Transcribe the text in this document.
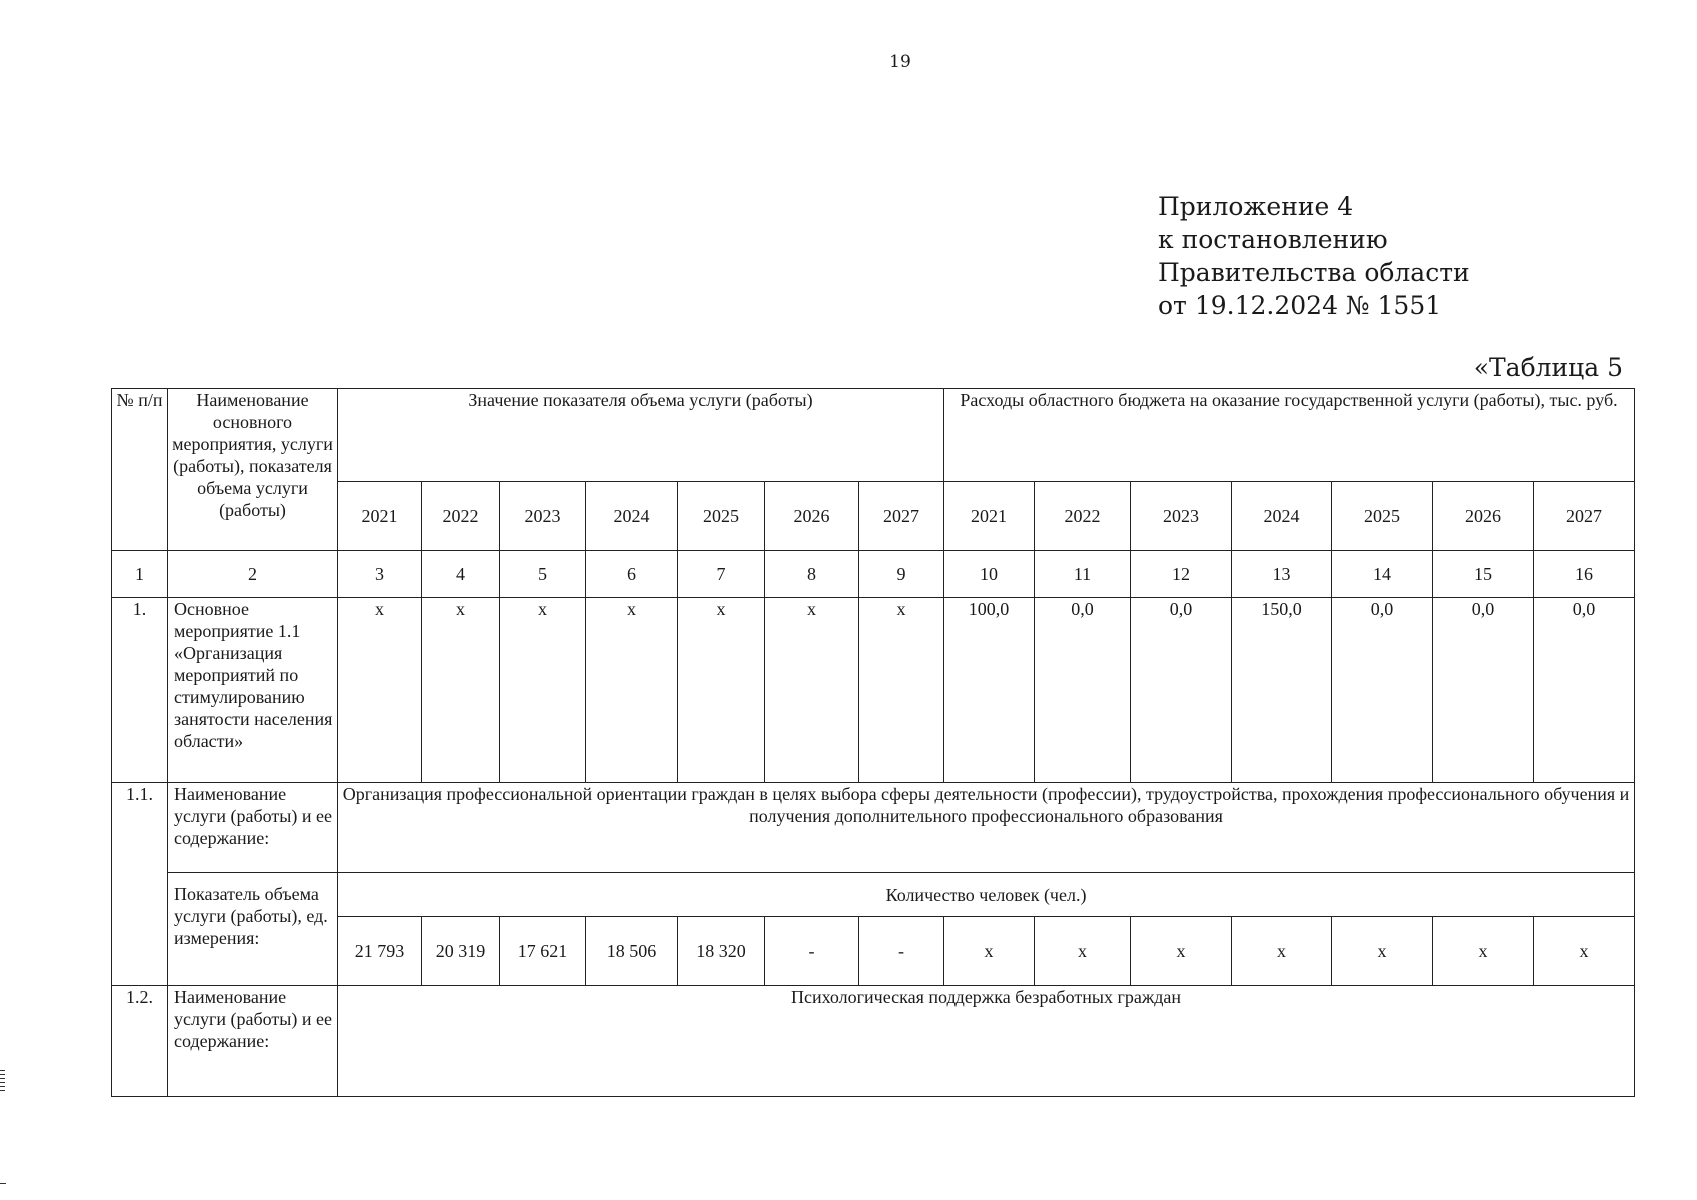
19
Приложение 4
к постановлению
Правительства области
от 19.12.2024 № 1551
«Таблица 5
№ п/п	Наименование основного мероприятия, услуги (работы), показателя объема услуги (работы)	Значение показателя объема услуги (работы)							Расходы областного бюджета на оказание государственной услуги (работы), тыс. руб.						
		2021	2022	2023	2024	2025	2026	2027	2021	2022	2023	2024	2025	2026	2027
1	2	3	4	5	6	7	8	9	10	11	12	13	14	15	16
1.	Основное мероприятие 1.1 «Организация мероприятий по стимулированию занятости населения области»	х	х	х	х	х	х	х	100,0	0,0	0,0	150,0	0,0	0,0	0,0
1.1.	Наименование услуги (работы) и ее содержание:	Организация профессиональной ориентации граждан в целях выбора сферы деятельности (профессии), трудоустройства, прохождения профессионального обучения и получения дополнительного профессионального образования													
	Показатель объема услуги (работы), ед. измерения:	Количество человек (чел.)													
		21 793	20 319	17 621	18 506	18 320	-	-	х	х	х	х	х	х	х
1.2.	Наименование услуги (работы) и ее содержание:	Психологическая поддержка безработных граждан													
